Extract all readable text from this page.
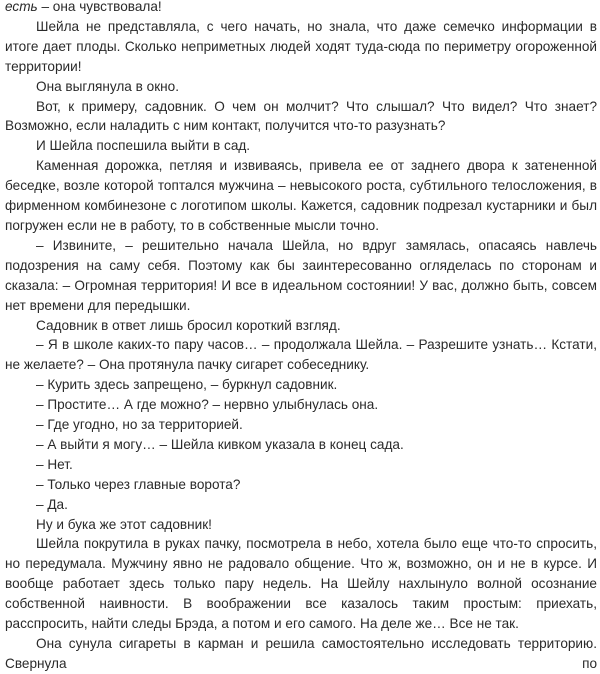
есть – она чувствовала!

Шейла не представляла, с чего начать, но знала, что даже семечко информации в итоге дает плоды. Сколько неприметных людей ходят туда-сюда по периметру огороженной территории!

Она выглянула в окно.

Вот, к примеру, садовник. О чем он молчит? Что слышал? Что видел? Что знает? Возможно, если наладить с ним контакт, получится что-то разузнать?

И Шейла поспешила выйти в сад.

Каменная дорожка, петляя и извиваясь, привела ее от заднего двора к затененной беседке, возле которой топтался мужчина – невысокого роста, субтильного телосложения, в фирменном комбинезоне с логотипом школы. Кажется, садовник подрезал кустарники и был погружен если не в работу, то в собственные мысли точно.

– Извините, – решительно начала Шейла, но вдруг замялась, опасаясь навлечь подозрения на саму себя. Поэтому как бы заинтересованно огляделась по сторонам и сказала: – Огромная территория! И все в идеальном состоянии! У вас, должно быть, совсем нет времени для передышки.

Садовник в ответ лишь бросил короткий взгляд.

– Я в школе каких-то пару часов… – продолжала Шейла. – Разрешите узнать… Кстати, не желаете? – Она протянула пачку сигарет собеседнику.

– Курить здесь запрещено, – буркнул садовник.

– Простите… А где можно? – нервно улыбнулась она.

– Где угодно, но за территорией.

– А выйти я могу… – Шейла кивком указала в конец сада.

– Нет.

– Только через главные ворота?

– Да.

Ну и бука же этот садовник!

Шейла покрутила в руках пачку, посмотрела в небо, хотела было еще что-то спросить, но передумала. Мужчину явно не радовало общение. Что ж, возможно, он и не в курсе. И вообще работает здесь только пару недель. На Шейлу нахлынуло волной осознание собственной наивности. В воображении все казалось таким простым: приехать, расспросить, найти следы Брэда, а потом и его самого. На деле же… Все не так.

Она сунула сигареты в карман и решила самостоятельно исследовать территорию. Свернула по
